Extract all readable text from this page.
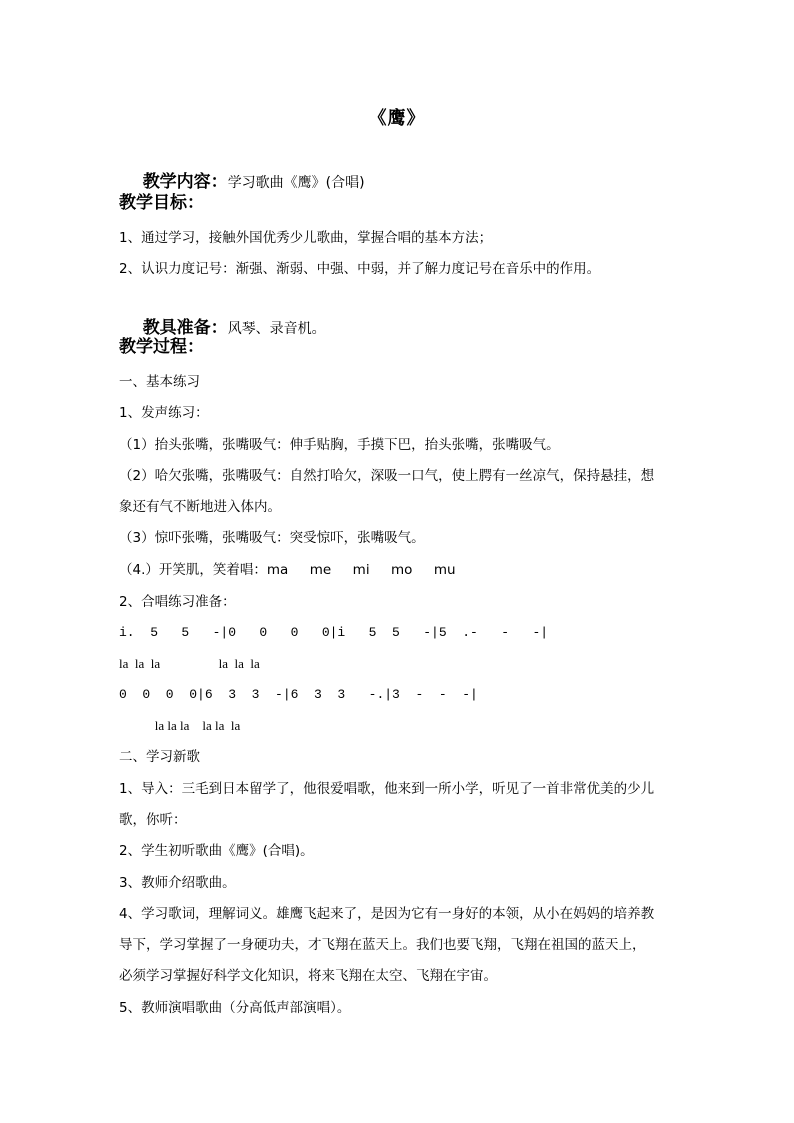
《鹰》

教学内容：学习歌曲《鹰》(合唱)

教学目标：
1、通过学习，接触外国优秀少儿歌曲，掌握合唱的基本方法；
2、认识力度记号：渐强、渐弱、中强、中弱，并了解力度记号在音乐中的作用。

教具准备：风琴、录音机。

教学过程：
一、基本练习
1、发声练习：
（1）抬头张嘴，张嘴吸气：伸手贴胸，手摸下巴，抬头张嘴，张嘴吸气。
（2）哈欠张嘴，张嘴吸气：自然打哈欠，深吸一口气，使上腭有一丝凉气，保持悬挂，想
象还有气不断地进入体内。
（3）惊吓张嘴，张嘴吸气：突受惊吓，张嘴吸气。
（4.）开笑肌，笑着唱：ma     me     mi     mo     mu
2、合唱练习准备：
i.  5   5   -|0   0   0   0|i   5  5   -|5  .-   -   -|
la  la  la                  la  la  la
0  0  0  0|6  3  3  -|6  3  3   -.|3  -  -  -|
la la la    la la  la
二、学习新歌
1、导入：三毛到日本留学了，他很爱唱歌，他来到一所小学，听见了一首非常优美的少儿
歌，你听：
2、学生初听歌曲《鹰》(合唱)。
3、教师介绍歌曲。
4、学习歌词，理解词义。雄鹰飞起来了，是因为它有一身好的本领，从小在妈妈的培养教
导下，学习掌握了一身硬功夫，才飞翔在蓝天上。我们也要飞翔，飞翔在祖国的蓝天上，
必须学习掌握好科学文化知识，将来飞翔在太空、飞翔在宇宙。
5、教师演唱歌曲（分高低声部演唱）。
